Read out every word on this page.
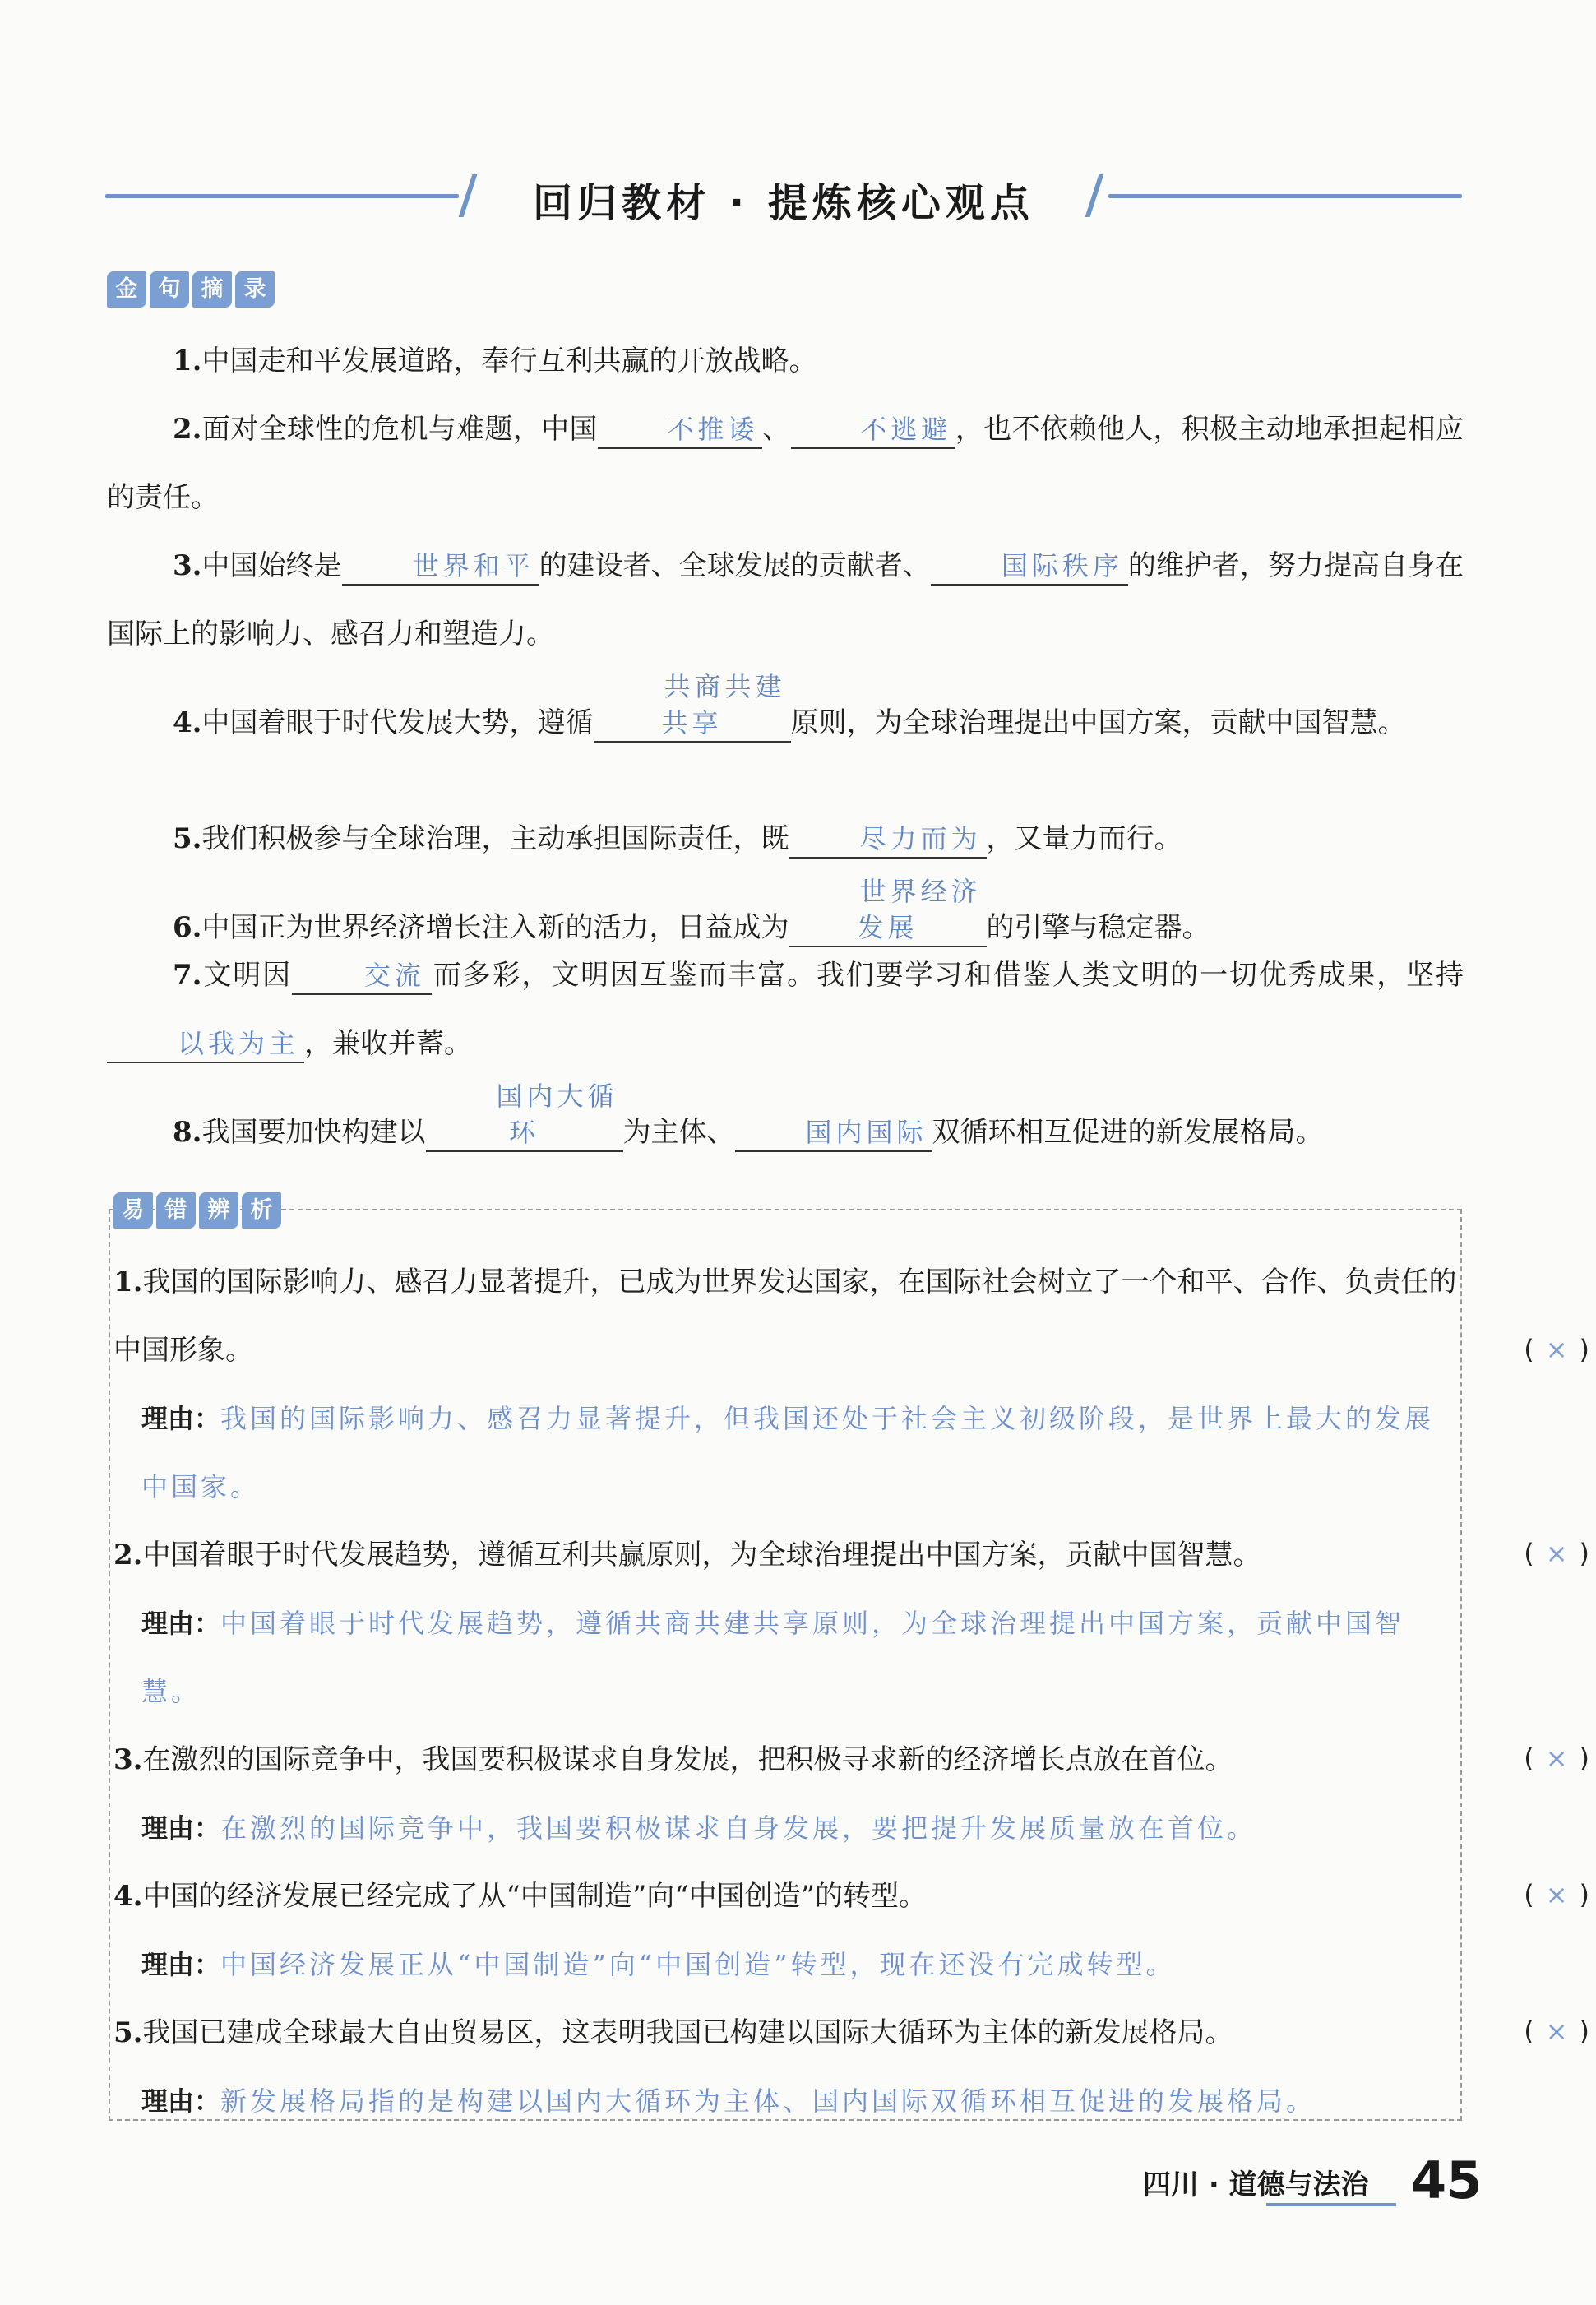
回归教材 · 提炼核心观点
金 句 摘 录
1.中国走和平发展道路，奉行互利共赢的开放战略。
2.面对全球性的危机与难题，中国	不推诿 、	不逃避 ，也不依赖他人，积极主动地承担起相应的责任。
3.中国始终是	世界和平 的建设者、全球发展的贡献者、	国际秩序 的维护者，努力提高自身在国际上的影响力、感召力和塑造力。
4.中国着眼于时代发展大势，遵循共商共建共享 原则，为全球治理提出中国方案，贡献中国智慧。
5.我们积极参与全球治理，主动承担国际责任，既	尽力而为 ，又量力而行。
6.中国正为世界经济增长注入新的活力，日益成为世界经济发展 的引擎与稳定器。
7.文明因	交流 而多彩，文明因互鉴而丰富。我们要学习和借鉴人类文明的一切优秀成果，坚持以我为主 ，兼收并蓄。
8.我国要加快构建以国内大循环	为主体、	国内国际 双循环相互促进的新发展格局。
易 错 辨 析
1.我国的国际影响力、感召力显著提升，已成为世界发达国家，在国际社会树立了一个和平、合作、负责任的中国形象。	( × )
理由：我国的国际影响力、感召力显著提升，但我国还处于社会主义初级阶段，是世界上最大的发展中国家。
2.中国着眼于时代发展趋势，遵循互利共赢原则，为全球治理提出中国方案，贡献中国智慧。	( × )
理由：中国着眼于时代发展趋势，遵循共商共建共享原则，为全球治理提出中国方案，贡献中国智慧。
3.在激烈的国际竞争中，我国要积极谋求自身发展，把积极寻求新的经济增长点放在首位。	( × )
理由：在激烈的国际竞争中，我国要积极谋求自身发展，要把提升发展质量放在首位。
4.中国的经济发展已经完成了从“中国制造”向“中国创造”的转型。	( × )
理由：中国经济发展正从“中国制造”向“中国创造”转型，现在还没有完成转型。
5.我国已建成全球最大自由贸易区，这表明我国已构建以国际大循环为主体的新发展格局。	( × )
理由：新发展格局指的是构建以国内大循环为主体、国内国际双循环相互促进的发展格局。
四川 · 道德与法治 45
